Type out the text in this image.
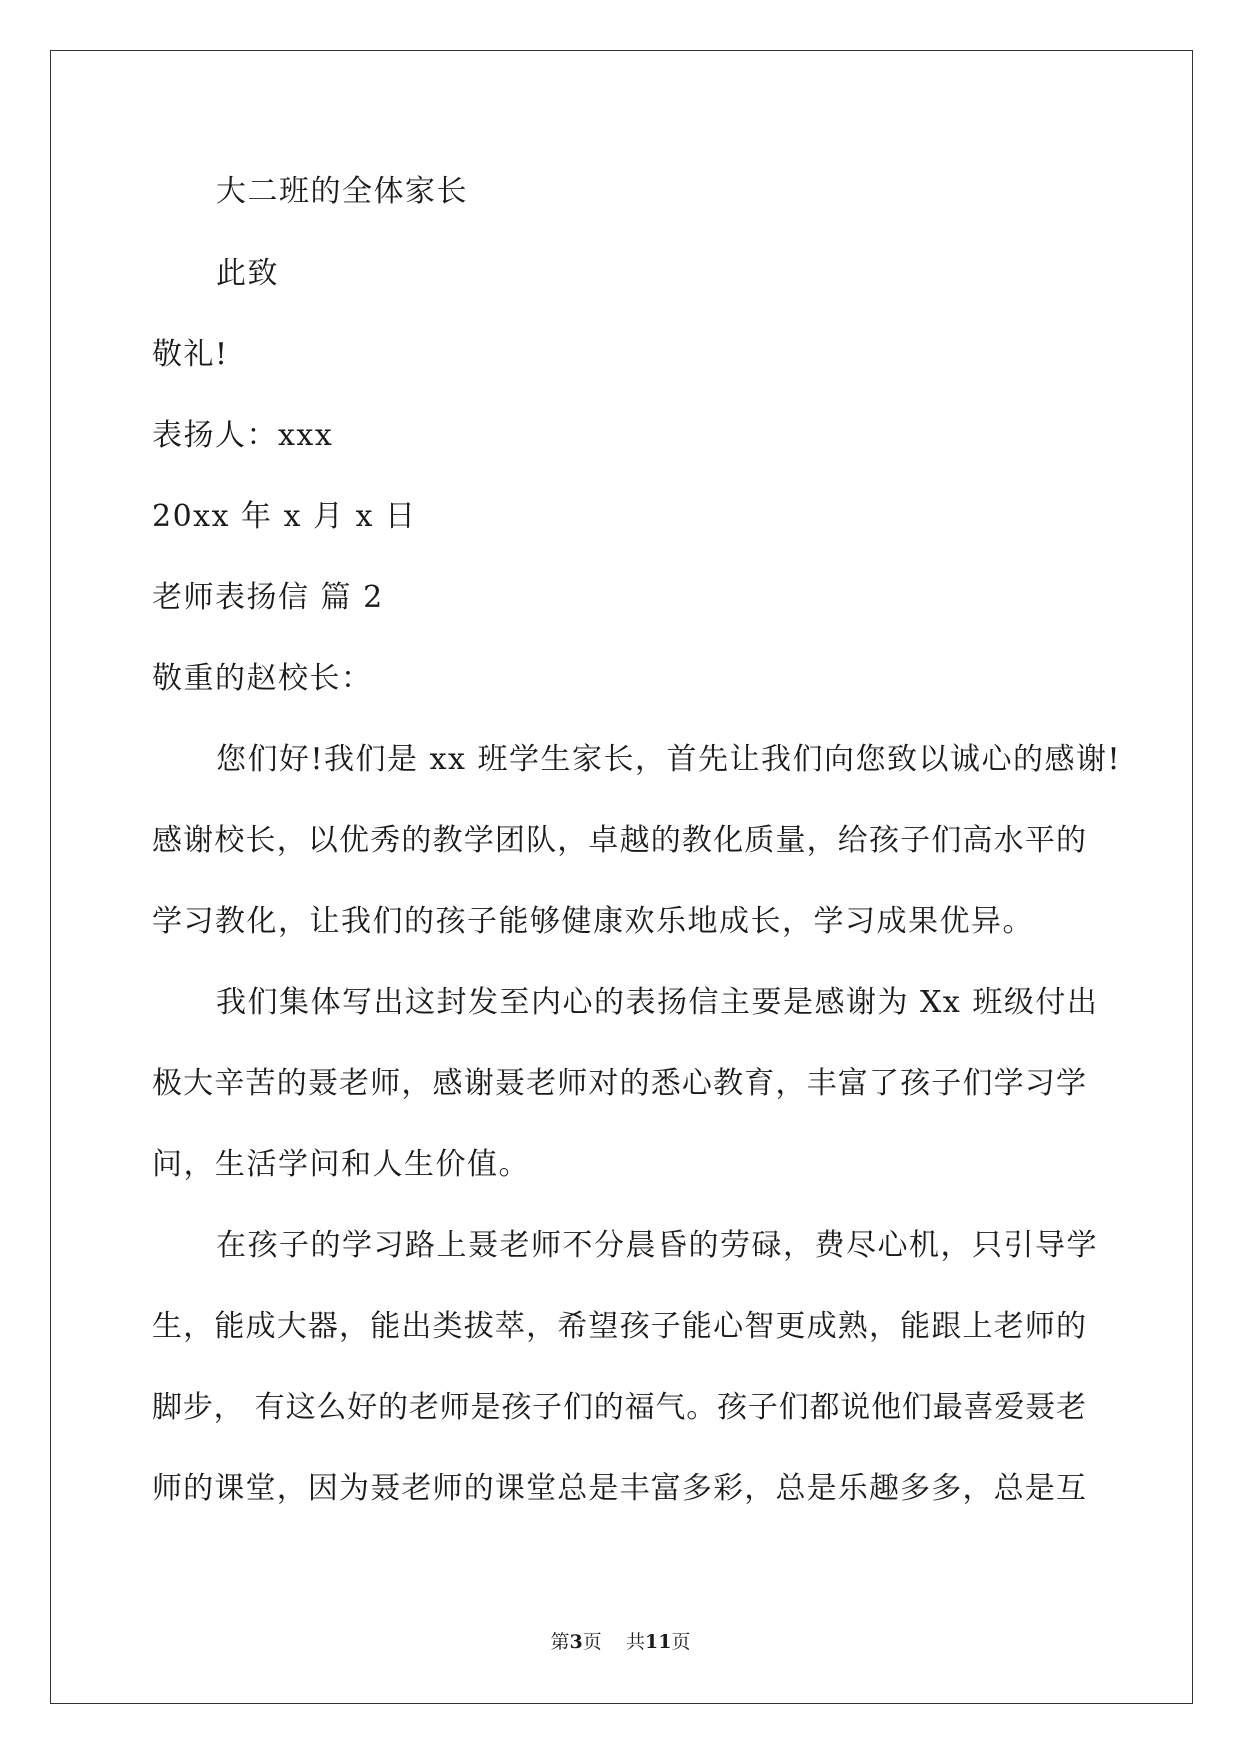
大二班的全体家长
此致
敬礼!
表扬人：xxx
20xx 年 x 月 x 日
老师表扬信 篇 2
敬重的赵校长：
您们好!我们是 xx 班学生家长，首先让我们向您致以诚心的感谢!
感谢校长，以优秀的教学团队，卓越的教化质量，给孩子们高水平的
学习教化，让我们的孩子能够健康欢乐地成长，学习成果优异。
我们集体写出这封发至内心的表扬信主要是感谢为 Xx 班级付出
极大辛苦的聂老师，感谢聂老师对的悉心教育，丰富了孩子们学习学
问，生活学问和人生价值。
在孩子的学习路上聂老师不分晨昏的劳碌，费尽心机，只引导学
生，能成大器，能出类拔萃，希望孩子能心智更成熟，能跟上老师的
脚步， 有这么好的老师是孩子们的福气。孩子们都说他们最喜爱聂老
师的课堂，因为聂老师的课堂总是丰富多彩，总是乐趣多多，总是互
第3页 共11页
